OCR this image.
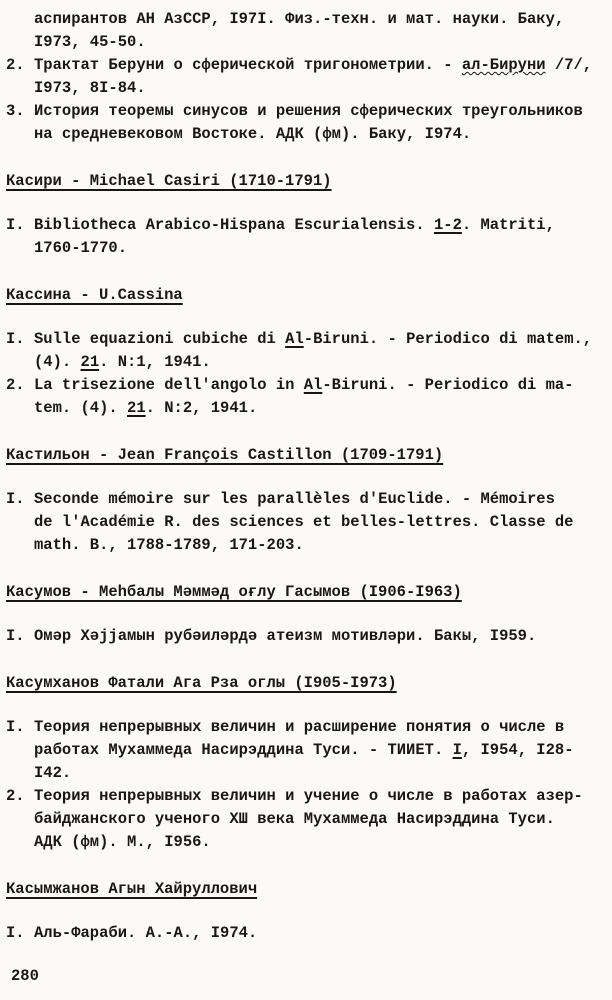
аспирантов АН АзССР, I97I. Физ.-техн. и мат. науки. Баку,
I973, 45-50.
2. Трактат Беруни о сферической тригонометрии. - ал-Бируни /7/,
I973, 8I-84.
3. История теоремы синусов и решения сферических треугольников
на средневековом Востоке. АДК (фм). Баку, I974.
Касири - Michael Casiri (1710-1791)
I. Bibliotheca Arabico-Hispana Escurialensis. 1-2. Matriti,
1760-1770.
Кассина - U.Cassina
I. Sulle equazioni cubiche di Al-Biruni. - Periodico di matem.,
(4). 21. N:1, 1941.
2. La trisezione dell'angolo in Al-Biruni. - Periodico di ma-
tem. (4). 21. N:2, 1941.
Кастильон - Jean François Castillon (1709-1791)
I. Seconde mémoire sur les parallèles d'Euclide. - Mémoires
de l'Académie R. des sciences et belles-lettres. Classe de
math. B., 1788-1789, 171-203.
Касумов - Меһбалы Мәммәд оғлу Гасымов (I906-I963)
I. Омәр Хәjjамын рубәиләрдә атеизм мотивләри. Бакы, I959.
Касумханов Фатали Ага Рза оглы (I905-I973)
I. Теория непрерывных величин и расширение понятия о числе в
работах Мухаммеда Насирэддина Туси. - ТИИЕТ. I, I954, I28-
I42.
2. Теория непрерывных величин и учение о числе в работах азер-
байджанского ученого ХШ века Мухаммеда Насирэддина Туси.
АДК (фм). М., I956.
Касымжанов Агын Хайруллович
I. Аль-Фараби. А.-А., I974.
280
